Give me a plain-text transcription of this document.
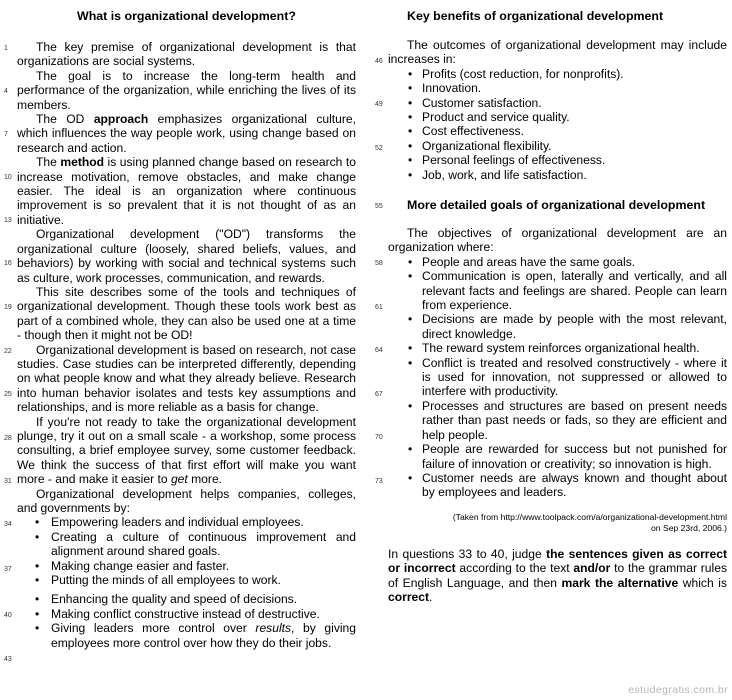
What is organizational development?

The key premise of organizational development is that organizations are social systems.

The goal is to increase the long-term health and performance of the organization, while enriching the lives of its members.

The OD approach emphasizes organizational culture, which influences the way people work, using change based on research and action.

The method is using planned change based on research to increase motivation, remove obstacles, and make change easier. The ideal is an organization where continuous improvement is so prevalent that it is not thought of as an initiative.

Organizational development ("OD") transforms the organizational culture (loosely, shared beliefs, values, and behaviors) by working with social and technical systems such as culture, work processes, communication, and rewards.

This site describes some of the tools and techniques of organizational development. Though these tools work best as part of a combined whole, they can also be used one at a time - though then it might not be OD!

Organizational development is based on research, not case studies. Case studies can be interpreted differently, depending on what people know and what they already believe. Research into human behavior isolates and tests key assumptions and relationships, and is more reliable as a basis for change.

If you're not ready to take the organizational development plunge, try it out on a small scale - a workshop, some process consulting, a brief employee survey, some customer feedback. We think the success of that first effort will make you want more - and make it easier to get more.

Organizational development helps companies, colleges, and governments by:

• Empowering leaders and individual employees.
• Creating a culture of continuous improvement and alignment around shared goals.
• Making change easier and faster.
• Putting the minds of all employees to work.
• Enhancing the quality and speed of decisions.
• Making conflict constructive instead of destructive.
• Giving leaders more control over results, by giving employees more control over how they do their jobs.
1
4
7
10
13
16
19
22
25
28
31
34
37
40
43
Key benefits of organizational development

The outcomes of organizational development may include increases in:

• Profits (cost reduction, for nonprofits).
• Innovation.
• Customer satisfaction.
• Product and service quality.
• Cost effectiveness.
• Organizational flexibility.
• Personal feelings of effectiveness.
• Job, work, and life satisfaction.
More detailed goals of organizational development

The objectives of organizational development are an organization where:

• People and areas have the same goals.
• Communication is open, laterally and vertically, and all relevant facts and feelings are shared. People can learn from experience.
• Decisions are made by people with the most relevant, direct knowledge.
• The reward system reinforces organizational health.
• Conflict is treated and resolved constructively - where it is used for innovation, not suppressed or allowed to interfere with productivity.
• Processes and structures are based on present needs rather than past needs or fads, so they are efficient and help people.
• People are rewarded for success but not punished for failure of innovation or creativity; so innovation is high.
• Customer needs are always known and thought about by employees and leaders.
(Taken from http://www.toolpack.com/a/organizational-development.html
on Sep 23rd, 2006.)
In questions 33 to 40, judge the sentences given as correct or incorrect according to the text and/or to the grammar rules of English Language, and then mark the alternative which is correct.
46
49
52
55
58
61
64
67
70
73
estudegratis.com.br
